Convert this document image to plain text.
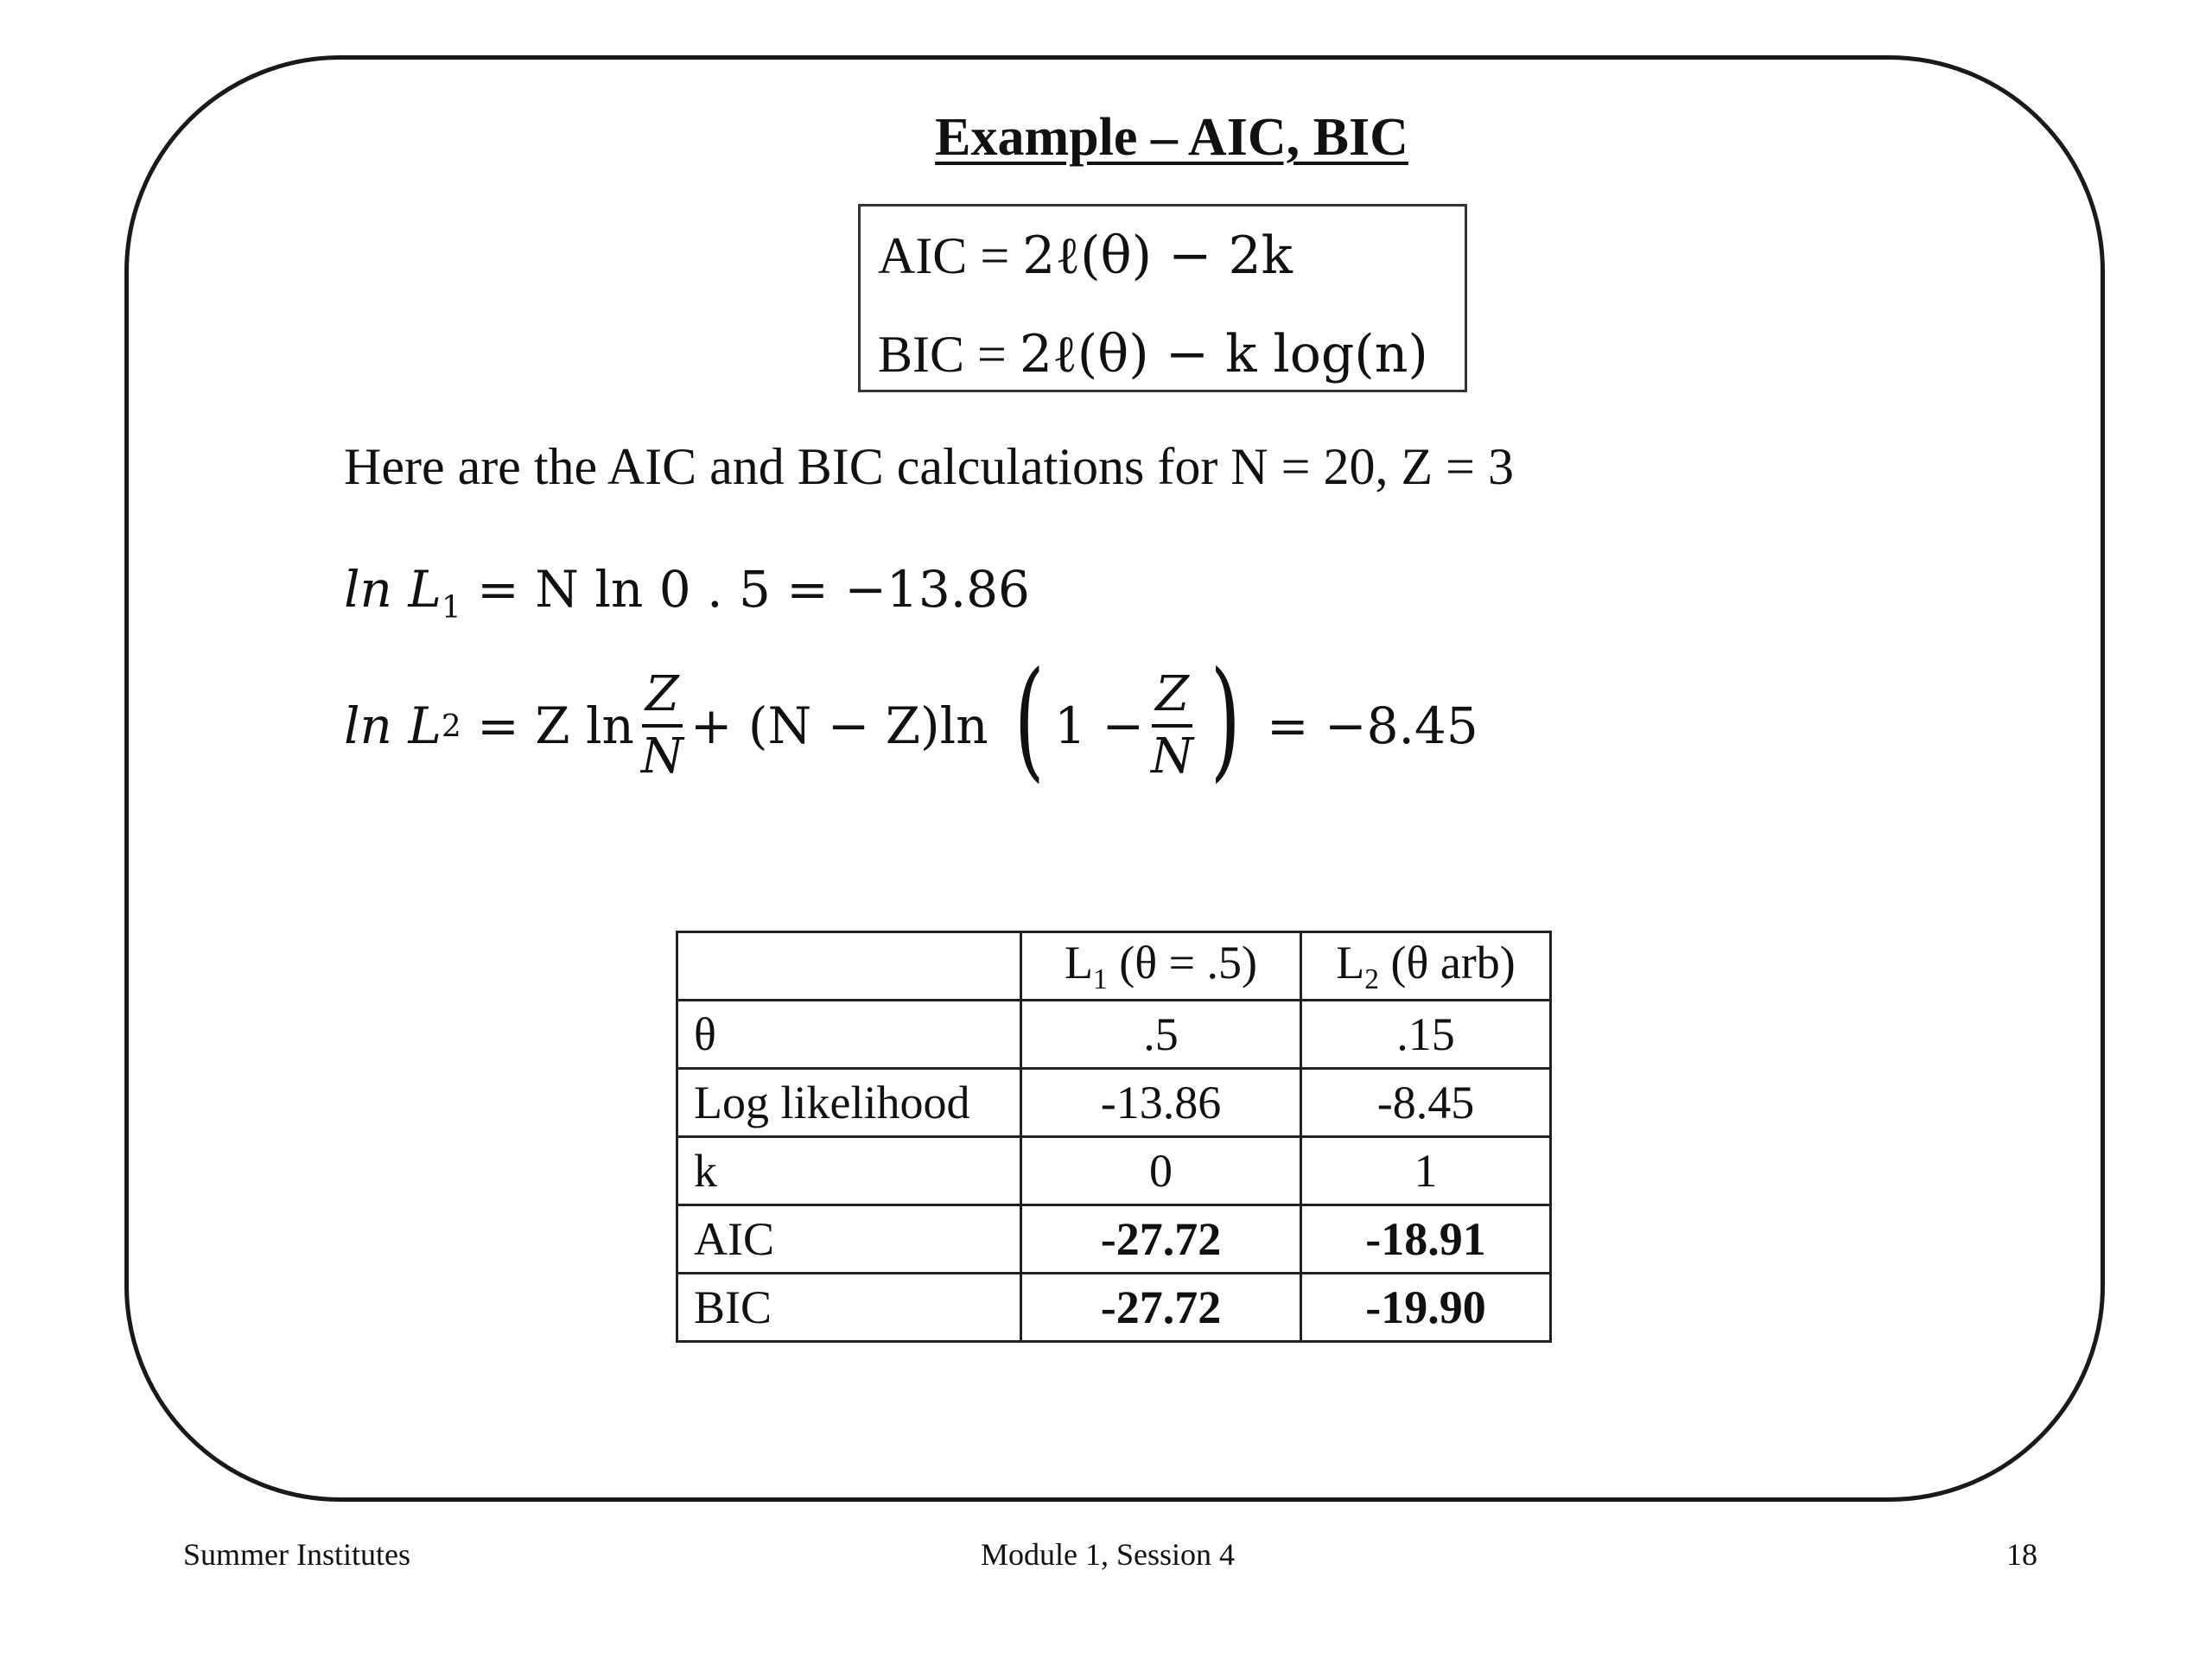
Example – AIC, BIC
AIC = 2ℓ(θ) − 2k
BIC = 2ℓ(θ) − k log(n)
Here are the AIC and BIC calculations for N = 20, Z = 3
$\ln L_1 = N$ ln 0 . 5 = −13.86
ln L 2 = Z $\ln \frac{Z}{N} + (N - Z)\ln$ ( $1 - \frac{Z}{N}$ ) = −8.45
	$L_1$ (θ = .5)	$L_2$ (θ arb)
θ	.5	.15
Log likelihood	-13.86	-8.45
k	0	1
AIC	-27.72	-18.91
BIC	-27.72	-19.90
Summer Institutes	Module 1, Session 4	18
